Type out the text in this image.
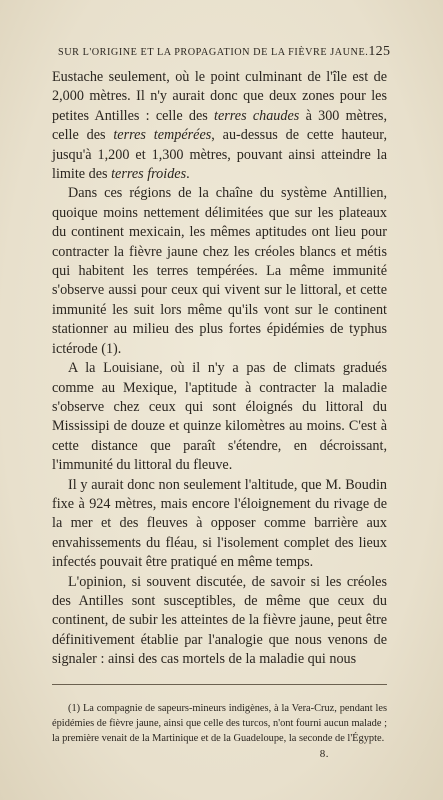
SUR L'ORIGINE ET LA PROPAGATION DE LA FIÈVRE JAUNE. 125

Eustache seulement, où le point culminant de l'île est de 2,000 mètres. Il n'y aurait donc que deux zones pour les petites Antilles : celle des terres chaudes à 300 mètres, celle des terres tempérées, au-dessus de cette hauteur, jusqu'à 1,200 et 1,300 mètres, pouvant ainsi atteindre la limite des terres froides.

Dans ces régions de la chaîne du système Antillien, quoique moins nettement délimitées que sur les plateaux du continent mexicain, les mêmes aptitudes ont lieu pour contracter la fièvre jaune chez les créoles blancs et métis qui habitent les terres tempérées. La même immunité s'observe aussi pour ceux qui vivent sur le littoral, et cette immunité les suit lors même qu'ils vont sur le continent stationner au milieu des plus fortes épidémies de typhus ictérode (1).

A la Louisiane, où il n'y a pas de climats gradués comme au Mexique, l'aptitude à contracter la maladie s'observe chez ceux qui sont éloignés du littoral du Mississipi de douze et quinze kilomètres au moins. C'est à cette distance que paraît s'étendre, en décroissant, l'immunité du littoral du fleuve.

Il y aurait donc non seulement l'altitude, que M. Boudin fixe à 924 mètres, mais encore l'éloignement du rivage de la mer et des fleuves à opposer comme barrière aux envahissements du fléau, si l'isolement complet des lieux infectés pouvait être pratiqué en même temps.

L'opinion, si souvent discutée, de savoir si les créoles des Antilles sont susceptibles, de même que ceux du continent, de subir les atteintes de la fièvre jaune, peut être définitivement établie par l'analogie que nous venons de signaler : ainsi des cas mortels de la maladie qui nous

(1) La compagnie de sapeurs-mineurs indigènes, à la Vera-Cruz, pendant les épidémies de fièvre jaune, ainsi que celle des turcos, n'ont fourni aucun malade ; la première venait de la Martinique et de la Guadeloupe, la seconde de l'Égypte.

8.
